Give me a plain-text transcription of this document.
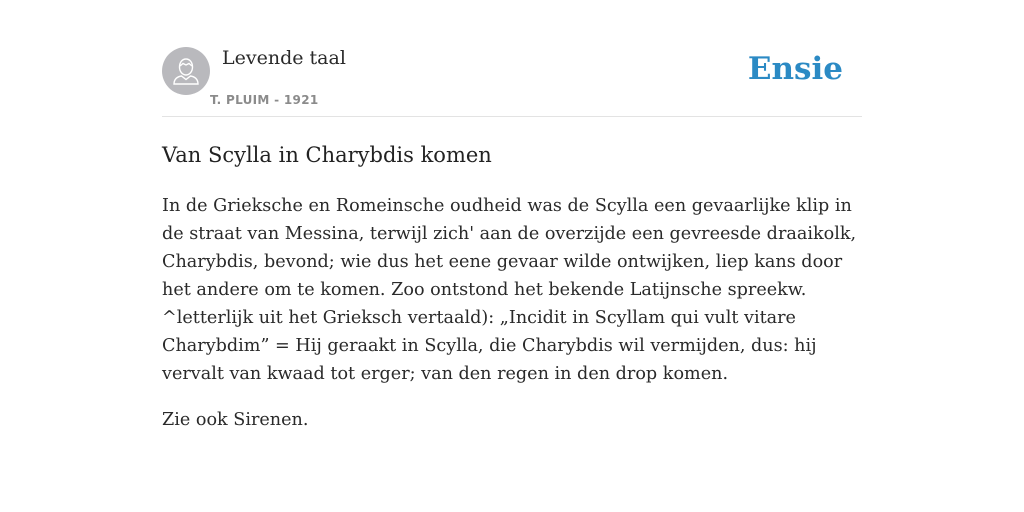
Levende taal
T. PLUIM - 1921
Ensie
Van Scylla in Charybdis komen

In de Grieksche en Romeinsche oudheid was de Scylla een gevaarlijke klip in de straat van Messina, terwijl zich' aan de overzijde een gevreesde draaikolk, Charybdis, bevond; wie dus het eene gevaar wilde ontwijken, liep kans door het andere om te komen. Zoo ontstond het bekende Latijnsche spreekw. ^letterlijk uit het Grieksch vertaald): „Incidit in Scyllam qui vult vitare Charybdim” = Hij geraakt in Scylla, die Charybdis wil vermijden, dus: hij vervalt van kwaad tot erger; van den regen in den drop komen.

Zie ook Sirenen.
